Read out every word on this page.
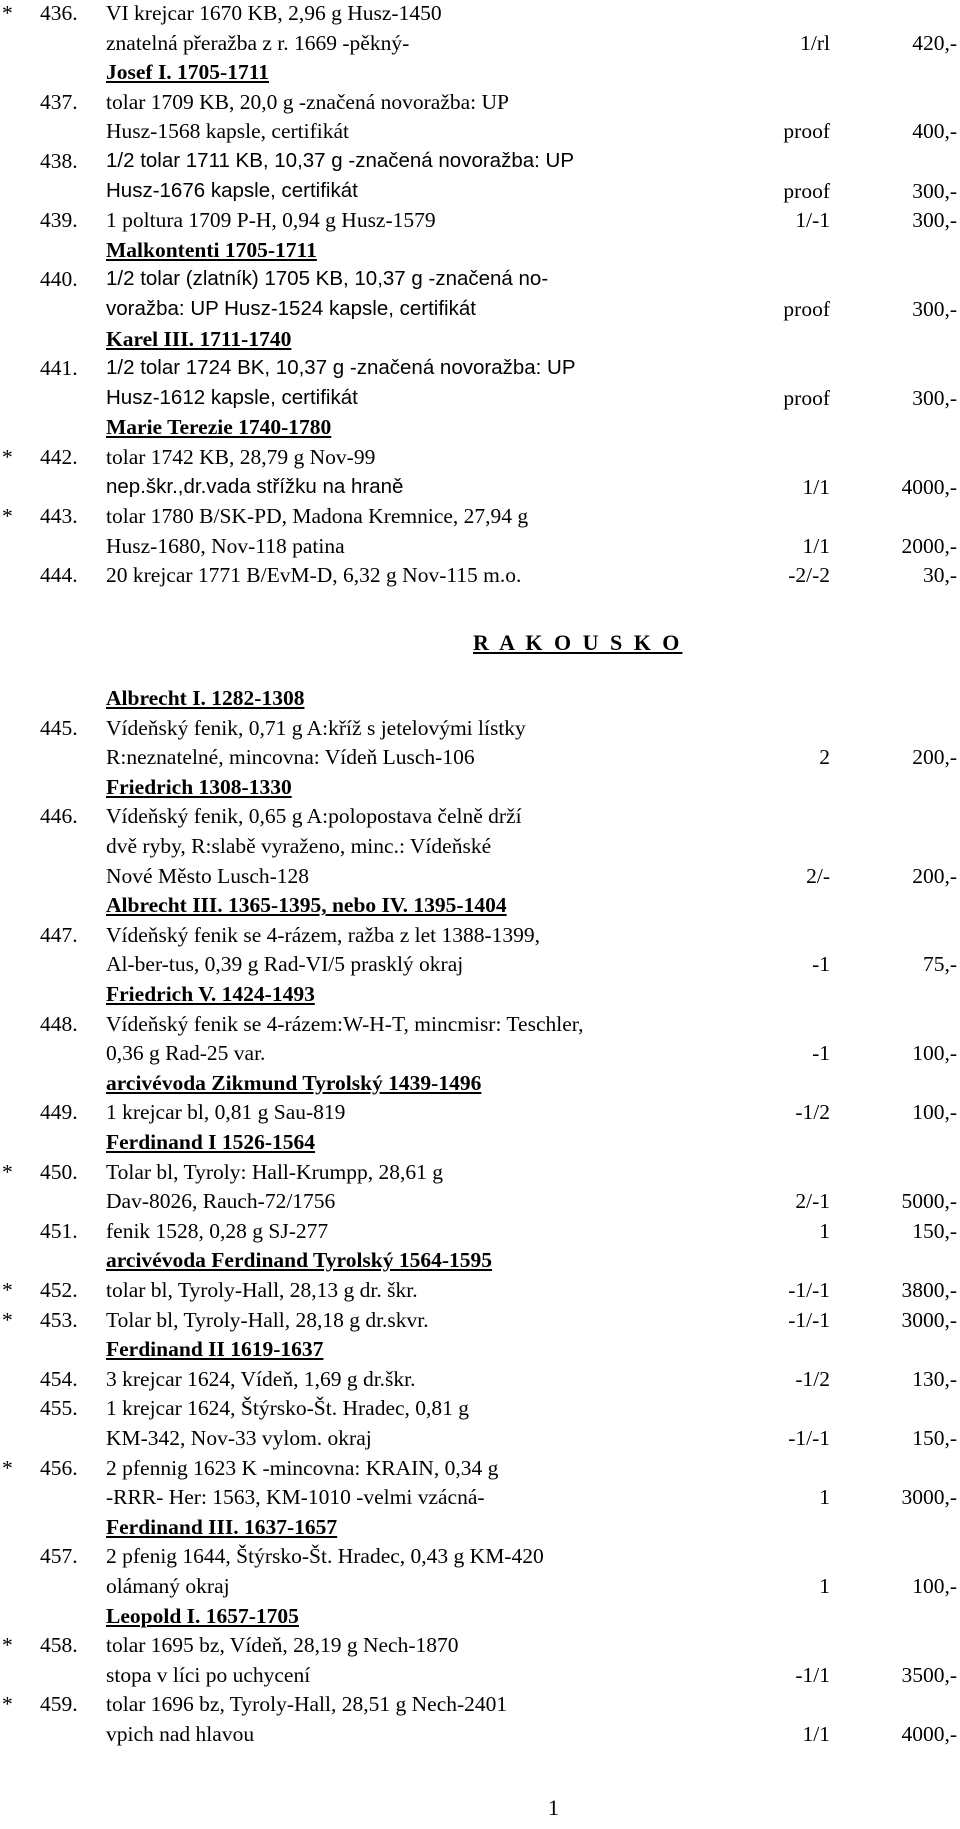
* 436. VI krejcar 1670 KB, 2,96 g Husz-1450
znatelná přeražba z r. 1669 -pěkný-	1/rl	420,-
Josef I. 1705-1711
437. tolar 1709 KB, 20,0 g -značená novoražba: UP
Husz-1568 kapsle, certifikát	proof	400,-
438. 1/2 tolar 1711 KB, 10,37 g -značená novoražba: UP
Husz-1676 kapsle, certifikát	proof	300,-
439. 1 poltura 1709 P-H, 0,94 g Husz-1579	1/-1	300,-
Malkontenti 1705-1711
440. 1/2 tolar (zlatník) 1705 KB, 10,37 g -značená no-
voražba: UP Husz-1524 kapsle, certifikát	proof	300,-
Karel III. 1711-1740
441. 1/2 tolar 1724 BK, 10,37 g -značená novoražba: UP
Husz-1612 kapsle, certifikát	proof	300,-
Marie Terezie 1740-1780
* 442. tolar 1742 KB, 28,79 g Nov-99
nep.škr.,dr.vada střížku na hraně	1/1	4000,-
* 443. tolar 1780 B/SK-PD, Madona Kremnice, 27,94 g
Husz-1680, Nov-118 patina	1/1	2000,-
444. 20 krejcar 1771 B/EvM-D, 6,32 g Nov-115 m.o.	-2/-2	30,-
R A K O U S K O
Albrecht I. 1282-1308
445. Vídeňský fenik, 0,71 g A:kříž s jetelovými lístky
R:neznatelné, mincovna: Vídeň Lusch-106	2	200,-
Friedrich 1308-1330
446. Vídeňský fenik, 0,65 g A:polopostava čelně drží
dvě ryby, R:slabě vyraženo, minc.: Vídeňské
Nové Město Lusch-128	2/-	200,-
Albrecht III. 1365-1395, nebo IV. 1395-1404
447. Vídeňský fenik se 4-rázem, ražba z let 1388-1399,
Al-ber-tus, 0,39 g Rad-VI/5 prasklý okraj	-1	75,-
Friedrich V. 1424-1493
448. Vídeňský fenik se 4-rázem:W-H-T, mincmisr: Teschler,
0,36 g Rad-25 var.	-1	100,-
arcivévoda Zikmund Tyrolský 1439-1496
449. 1 krejcar bl, 0,81 g Sau-819	-1/2	100,-
Ferdinand I 1526-1564
* 450. Tolar bl, Tyroly: Hall-Krumpp, 28,61 g
Dav-8026, Rauch-72/1756	2/-1	5000,-
451. fenik 1528, 0,28 g SJ-277	1	150,-
arcivévoda Ferdinand Tyrolský 1564-1595
* 452. tolar bl, Tyroly-Hall, 28,13 g dr. škr.	-1/-1	3800,-
* 453. Tolar bl, Tyroly-Hall, 28,18 g dr.skvr.	-1/-1	3000,-
Ferdinand II 1619-1637
454. 3 krejcar 1624, Vídeň, 1,69 g dr.škr.	-1/2	130,-
455. 1 krejcar 1624, Štýrsko-Št. Hradec, 0,81 g
KM-342, Nov-33 vylom. okraj	-1/-1	150,-
* 456. 2 pfennig 1623 K -mincovna: KRAIN, 0,34 g
-RRR- Her: 1563, KM-1010 -velmi vzácná-	1	3000,-
Ferdinand III. 1637-1657
457. 2 pfenig 1644, Štýrsko-Št. Hradec, 0,43 g KM-420
olámaný okraj	1	100,-
Leopold I. 1657-1705
* 458. tolar 1695 bz, Vídeň, 28,19 g Nech-1870
stopa v líci po uchycení	-1/1	3500,-
* 459. tolar 1696 bz, Tyroly-Hall, 28,51 g Nech-2401
vpich nad hlavou	1/1	4000,-
1
